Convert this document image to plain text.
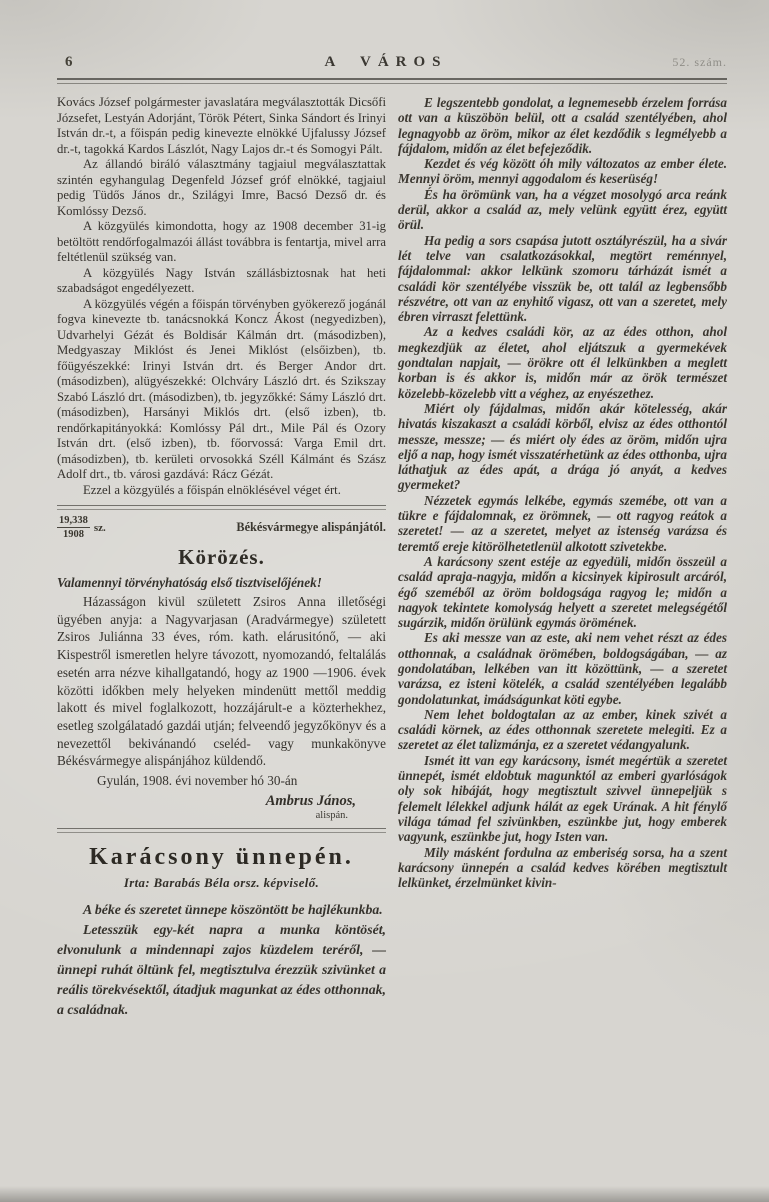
6	A VÁROS	52. szám.

Kovács József polgármester javaslatára megválasztották Dicsőfi Józsefet, Lestyán Adorjánt, Török Pétert, Sinka Sándort és Irinyi István dr.-t, a főispán pedig kinevezte elnökké Ujfalussy József dr.-t, tagokká Kardos Lászlót, Nagy Lajos dr.-t és Somogyi Pált.

Az állandó biráló választmány tagjaiul megválasztattak szintén egyhangulag Degenfeld József gróf elnökké, tagjaiul pedig Tüdős János dr., Szilágyi Imre, Bacsó Dezső dr. és Komlóssy Dezső.

A közgyülés kimondotta, hogy az 1908 december 31-ig betöltött rendőrfogalmazói állást továbbra is fentartja, mivel arra feltétlenül szükség van.

A közgyülés Nagy István szállásbiztosnak hat heti szabadságot engedélyezett.

A közgyülés végén a főispán törvényben gyökerező jogánál fogva kinevezte tb. tanácsnokká Koncz Ákost (negyedizben), Udvarhelyi Gézát és Boldisár Kálmán drt. (másodizben), Medgyaszay Miklóst és Jenei Miklóst (elsőizben), tb. főügyészekké: Irinyi István drt. és Berger Andor drt. (másodizben), alügyészekké: Olchváry László drt. és Szikszay Szabó László drt. (másodizben), tb. jegyzőkké: Sámy László drt. (másodizben), Harsányi Miklós drt. (első izben), tb. rendőrkapitányokká: Komlóssy Pál drt., Mile Pál és Ozory István drt. (első izben), tb. főorvossá: Varga Emil drt. (másodizben), tb. kerületi orvosokká Széll Kálmánt és Szász Adolf drt., tb. városi gazdává: Rácz Gézát.

Ezzel a közgyülés a főispán elnöklésével véget ért.

$\frac{19,338}{1908}$ sz.	Békésvármegye alispánjától.
Körözés.

Valamennyi törvényhatóság első tisztviselőjének!

Házasságon kivül született Zsiros Anna illetőségi ügyében anyja: a Nagyvarjasan (Aradvármegye) született Zsiros Juliánna 33 éves, róm. kath. elárusitónő, — aki Kispestről ismeretlen helyre távozott, nyomozandó, feltalálás esetén arra nézve kihallgatandó, hogy az 1900 —1906. évek közötti időkben mely helyeken mindenütt mettől meddig lakott és mivel foglalkozott, hozzájárult-e a közterhekhez, esetleg szolgálatadó gazdái utján; felveendő jegyzőkönyv és a nevezettől bekivánandó cseléd- vagy munkakönyve Békésvármegye alispánjához küldendő.

Gyulán, 1908. évi november hó 30-án

Ambrus János,

alispán.

Karácsony ünnepén.
Irta: Barabás Béla orsz. képviselő.

A béke és szeretet ünnepe köszöntött be hajlékunkba.

Letesszük egy-két napra a munka köntösét, elvonulunk a mindennapi zajos küzdelem teréről, — ünnepi ruhát öltünk fel, megtisztulva érezzük szivünket a reális törekvésektől, átadjuk magunkat az édes otthonnak, a családnak.

E legszentebb gondolat, a legnemesebb érzelem forrása ott van a küszöbön belül, ott a család szentélyében, ahol legnagyobb az öröm, mikor az élet kezdődik s legmélyebb a fájdalom, midőn az élet befejeződik.

Kezdet és vég között óh mily változatos az ember élete. Mennyi öröm, mennyi aggodalom és keserüség!

És ha örömünk van, ha a végzet mosolygó arca reánk derül, akkor a család az, mely velünk együtt érez, együtt örül.

Ha pedig a sors csapása jutott osztályrészül, ha a sivár lét telve van csalatkozásokkal, megtört reménnyel, fájdalommal: akkor lelkünk szomoru tárházát ismét a családi kör szentélyébe visszük be, ott talál az legbensőbb részvétre, ott van az enyhitő vigasz, ott van a szeretet, mely ébren virraszt felettünk.

Az a kedves családi kör, az az édes otthon, ahol megkezdjük az életet, ahol eljátszuk a gyermekévek gondtalan napjait, — örökre ott él lelkünkben a meglett korban is és akkor is, midőn már az örök természet közelebb-közelebb vitt a véghez, az enyészethez.

Miért oly fájdalmas, midőn akár kötelesség, akár hivatás kiszakaszt a családi körből, elvisz az édes otthontól messze, messze; — és miért oly édes az öröm, midőn ujra eljő a nap, hogy ismét visszatérhetünk az édes otthonba, ujra láthatjuk az édes apát, a drága jó anyát, a kedves gyermeket?

Nézzetek egymás lelkébe, egymás szemébe, ott van a tükre e fájdalomnak, ez örömnek, — ott ragyog reátok a szeretet! — az a szeretet, melyet az istenség varázsa és teremtő ereje kitörölhetetlenül alkotott szivetekbe.

A karácsony szent estéje az egyedüli, midőn összeül a család apraja-nagyja, midőn a kicsinyek kipirosult arcáról, égő szeméből az öröm boldogsága ragyog le; midőn a nagyok tekintete komolyság helyett a szeretet melegségétől sugárzik, midőn örülünk egymás örömének.

Es aki messze van az este, aki nem vehet részt az édes otthonnak, a családnak örömében, boldogságában, — az gondolatában, lelkében van itt közöttünk, — a szeretet varázsa, ez isteni kötelék, a család szentélyében legalább gondolatunkat, imádságunkat köti egybe.

Nem lehet boldogtalan az az ember, kinek szivét a családi körnek, az édes otthonnak szeretete melegiti. Ez a szeretet az élet talizmánja, ez a szeretet védangyalunk.

Ismét itt van egy karácsony, ismét megértük a szeretet ünnepét, ismét eldobtuk magunktól az emberi gyarlóságok oly sok hibáját, hogy megtisztult szivvel ünnepeljük s felemelt lélekkel adjunk hálát az egek Urának. A hit fénylő világa támad fel szivünkben, eszünkbe jut, hogy emberek vagyunk, eszünkbe jut, hogy Isten van.

Mily másként fordulna az emberiség sorsa, ha a szent karácsony ünnepén a család kedves körében megtisztult lelkünket, érzelmünket kivin-
